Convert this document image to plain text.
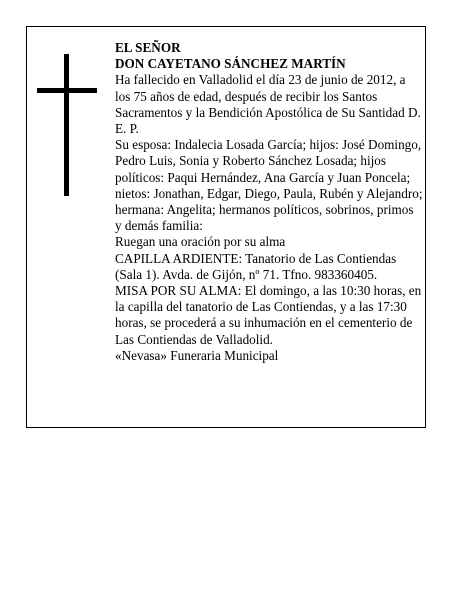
EL SEÑOR

DON CAYETANO SÁNCHEZ MARTÍN

Ha fallecido en Valladolid el día 23 de junio de 2012, a los 75 años de edad, después de recibir los Santos Sacramentos y la Bendición Apostólica de Su Santidad D. E. P.

Su esposa: Indalecia Losada García; hijos: José Domingo, Pedro Luis, Sonia y Roberto Sánchez Losada; hijos políticos: Paqui Hernández, Ana García y Juan Poncela; nietos: Jonathan, Edgar, Diego, Paula, Rubén y Alejandro; hermana: Angelita; hermanos políticos, sobrinos, primos y demás familia:

Ruegan una oración por su alma

CAPILLA ARDIENTE: Tanatorio de Las Contiendas (Sala 1). Avda. de Gijón, nº 71. Tfno. 983360405.

MISA POR SU ALMA: El domingo, a las 10:30 horas, en la capilla del tanatorio de Las Contiendas, y a las 17:30 horas, se procederá a su inhumación en el cementerio de Las Contiendas de Valladolid.

«Nevasa» Funeraria Municipal
